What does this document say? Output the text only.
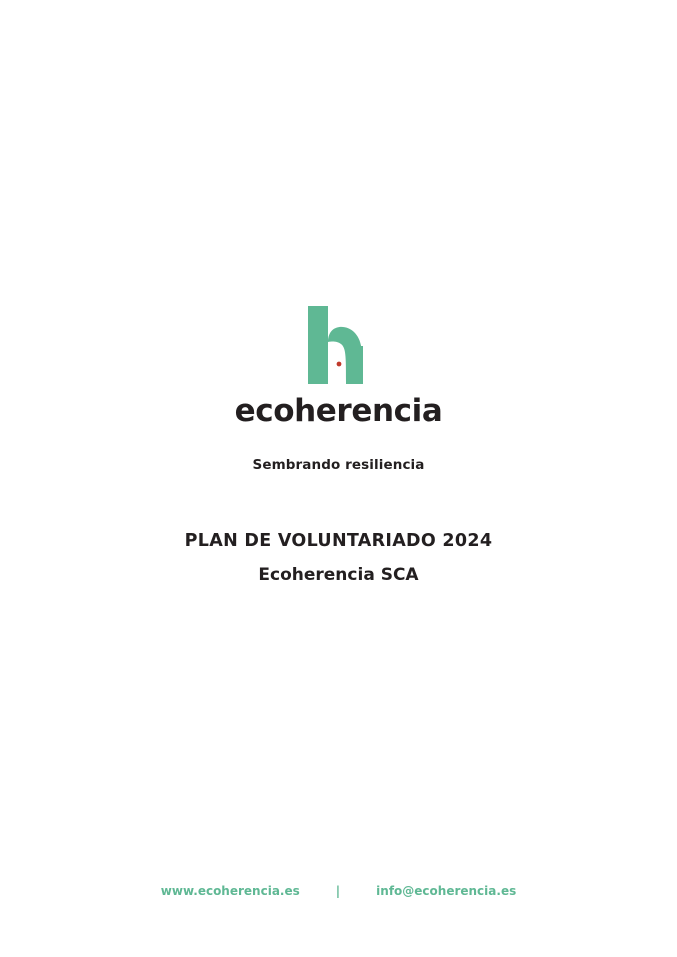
ecoherencia
Sembrando resiliencia
PLAN DE VOLUNTARIADO 2024
Ecoherencia SCA
www.ecoherencia.es	|	info@ecoherencia.es
